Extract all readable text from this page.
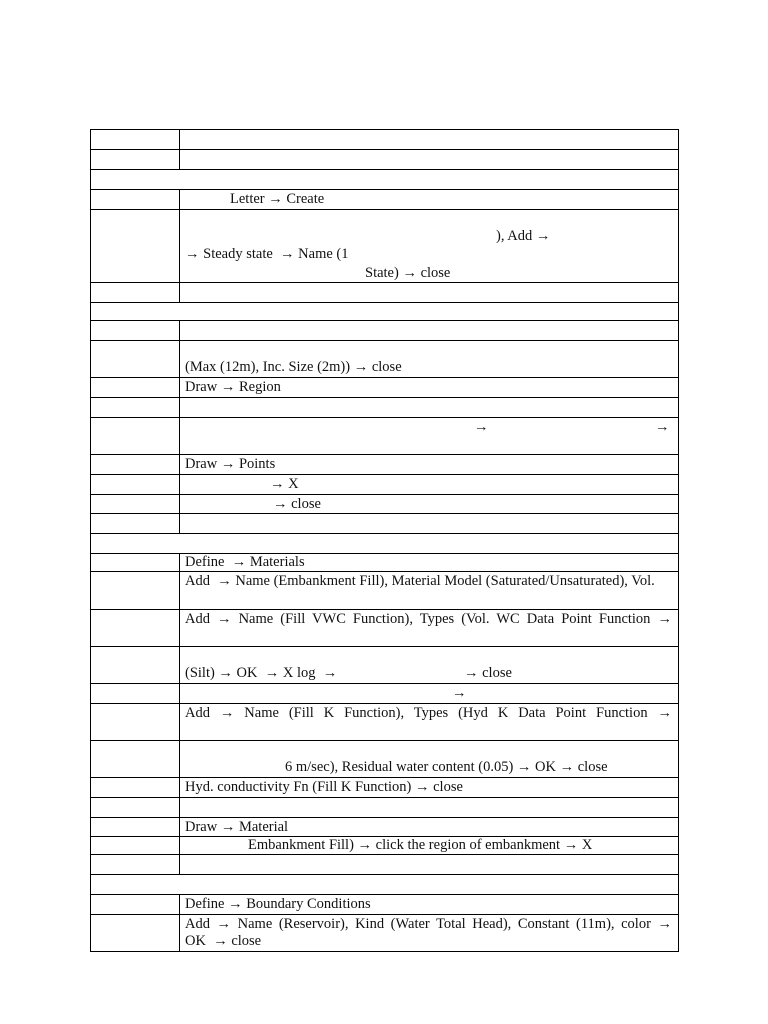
	Letter → Create

	), Add →
→ Steady state  → Name (1
State) → close

	(Max (12m), Inc. Size (2m)) → close

	Draw → Region

	→ →

	Draw → Points

	→ X

	→ close

	Define  → Materials

	Add  → Name (Embankment Fill), Material Model (Saturated/Unsaturated), Vol.

	Add → Name (Fill VWC Function), Types (Vol. WC Data Point Function →

	(Silt) → OK  → X log  → → close

	→

	Add → Name (Fill K Function), Types (Hyd K Data Point Function →

	6 m/sec), Residual water content (0.05) → OK → close

	Hyd. conductivity Fn (Fill K Function) → close

	Draw → Material

	Embankment Fill) → click the region of embankment → X

	Define → Boundary Conditions

	Add → Name (Reservoir), Kind (Water Total Head), Constant (11m), color →
OK  → close
